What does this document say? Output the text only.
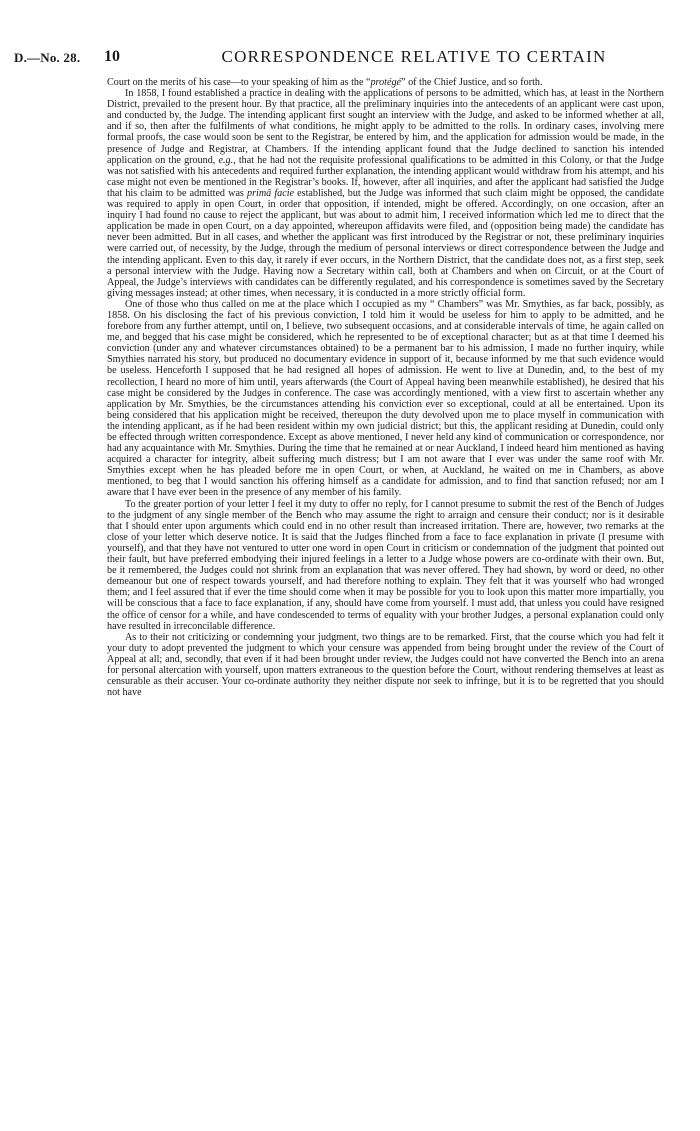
D.—No. 28. 10	CORRESPONDENCE RELATIVE TO CERTAIN

Court on the merits of his case—to your speaking of him as the “protégé” of the Chief Justice, and so forth.

In 1858, I found established a practice in dealing with the applications of persons to be admitted, which has, at least in the Northern District, prevailed to the present hour. By that practice, all the preliminary inquiries into the antecedents of an applicant were cast upon, and conducted by, the Judge. The intending applicant first sought an interview with the Judge, and asked to be informed whether at all, and if so, then after the fulfilments of what conditions, he might apply to be admitted to the rolls. In ordinary cases, involving mere formal proofs, the case would soon be sent to the Registrar, be entered by him, and the application for admission would be made, in the presence of Judge and Registrar, at Chambers. If the intending applicant found that the Judge declined to sanction his intended application on the ground, e.g., that he had not the requisite professional qualifications to be admitted in this Colony, or that the Judge was not satisfied with his antecedents and required further explanation, the intending applicant would withdraw from his attempt, and his case might not even be mentioned in the Registrar’s books. If, however, after all inquiries, and after the applicant had satisfied the Judge that his claim to be admitted was primâ facie established, but the Judge was informed that such claim might be opposed, the candidate was required to apply in open Court, in order that opposition, if intended, might be offered. Accordingly, on one occasion, after an inquiry I had found no cause to reject the applicant, but was about to admit him, I received information which led me to direct that the application be made in open Court, on a day appointed, whereupon affidavits were filed, and (opposition being made) the candidate has never been admitted. But in all cases, and whether the applicant was first introduced by the Registrar or not, these preliminary inquiries were carried out, of necessity, by the Judge, through the medium of personal interviews or direct correspondence between the Judge and the intending applicant. Even to this day, it rarely if ever occurs, in the Northern District, that the candidate does not, as a first step, seek a personal interview with the Judge. Having now a Secretary within call, both at Chambers and when on Circuit, or at the Court of Appeal, the Judge’s interviews with candidates can be differently regulated, and his correspondence is sometimes saved by the Secretary giving messages instead; at other times, when necessary, it is conducted in a more strictly official form.

One of those who thus called on me at the place which I occupied as my “ Chambers” was Mr. Smythies, as far back, possibly, as 1858. On his disclosing the fact of his previous conviction, I told him it would be useless for him to apply to be admitted, and he forebore from any further attempt, until on, I believe, two subsequent occasions, and at considerable intervals of time, he again called on me, and begged that his case might be considered, which he represented to be of exceptional character; but as at that time I deemed his conviction (under any and whatever circumstances obtained) to be a permanent bar to his admission, I made no further inquiry, while Smythies narrated his story, but produced no documentary evidence in support of it, because informed by me that such evidence would be useless. Henceforth I supposed that he had resigned all hopes of admission. He went to live at Dunedin, and, to the best of my recollection, I heard no more of him until, years afterwards (the Court of Appeal having been meanwhile established), he desired that his case might be considered by the Judges in conference. The case was accordingly mentioned, with a view first to ascertain whether any application by Mr. Smythies, be the circumstances attending his conviction ever so exceptional, could at all be entertained. Upon its being considered that his application might be received, thereupon the duty devolved upon me to place myself in communication with the intending applicant, as if he had been resident within my own judicial district; but this, the applicant residing at Dunedin, could only be effected through written correspondence. Except as above mentioned, I never held any kind of communication or correspondence, nor had any acquaintance with Mr. Smythies. During the time that he remained at or near Auckland, I indeed heard him mentioned as having acquired a character for integrity, albeit suffering much distress; but I am not aware that I ever was under the same roof with Mr. Smythies except when he has pleaded before me in open Court, or when, at Auckland, he waited on me in Chambers, as above mentioned, to beg that I would sanction his offering himself as a candidate for admission, and to find that sanction refused; nor am I aware that I have ever been in the presence of any member of his family.

To the greater portion of your letter I feel it my duty to offer no reply, for I cannot presume to submit the rest of the Bench of Judges to the judgment of any single member of the Bench who may assume the right to arraign and censure their conduct; nor is it desirable that I should enter upon arguments which could end in no other result than increased irritation. There are, however, two remarks at the close of your letter which deserve notice. It is said that the Judges flinched from a face to face explanation in private (I presume with yourself), and that they have not ventured to utter one word in open Court in criticism or condemnation of the judgment that pointed out their fault, but have preferred embodying their injured feelings in a letter to a Judge whose powers are co-ordinate with their own. But, be it remembered, the Judges could not shrink from an explanation that was never offered. They had shown, by word or deed, no other demeanour but one of respect towards yourself, and had therefore nothing to explain. They felt that it was yourself who had wronged them; and I feel assured that if ever the time should come when it may be possible for you to look upon this matter more impartially, you will be conscious that a face to face explanation, if any, should have come from yourself. I must add, that unless you could have resigned the office of censor for a while, and have condescended to terms of equality with your brother Judges, a personal explanation could only have resulted in irreconcilable difference.

As to their not criticizing or condemning your judgment, two things are to be remarked. First, that the course which you had felt it your duty to adopt prevented the judgment to which your censure was appended from being brought under the review of the Court of Appeal at all; and, secondly, that even if it had been brought under review, the Judges could not have converted the Bench into an arena for personal altercation with yourself, upon matters extraneous to the question before the Court, without rendering themselves at least as censurable as their accuser. Your co-ordinate authority they neither dispute nor seek to infringe, but it is to be regretted that you should not have
